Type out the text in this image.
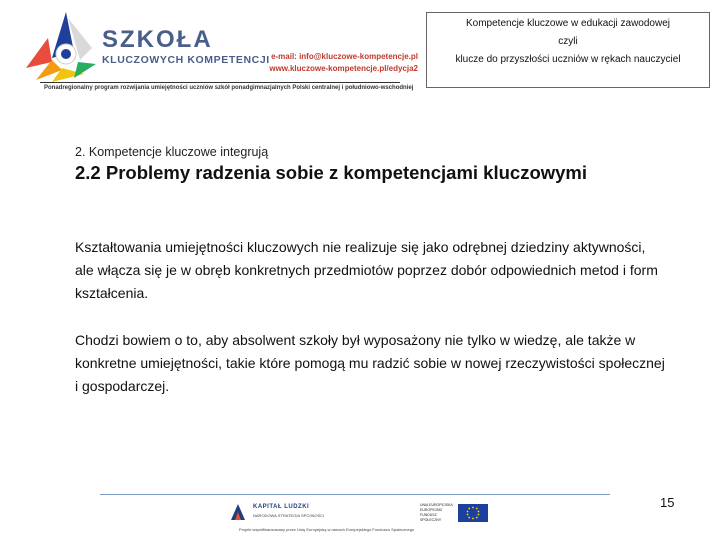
SZKOŁA
KLUCZOWYCH KOMPETENCJI e-mail: info@kluczowe-kompetencje.pl
www.kluczowe-kompetencje.pl/edycja2
Ponadregionalny program rozwijania umiejętności uczniów szkół ponadgimnazjalnych Polski centralnej i południowo-wschodniej
Kompetencje kluczowe w edukacji zawodowej
czyli
klucze do przyszłości uczniów w rękach nauczyciel
2. Kompetencje kluczowe integrują
2.2 Problemy radzenia sobie z kompetencjami kluczowymi

Kształtowania umiejętności kluczowych nie realizuje się jako odrębnej dziedziny aktywności, ale włącza się je w obręb konkretnych przedmiotów poprzez dobór odpowiednich metod i form kształcenia.

Chodzi bowiem o to, aby absolwent szkoły był wyposażony nie tylko w wiedzę, ale także w konkretne umiejętności, takie które pomogą mu radzić sobie w nowej rzeczywistości społecznej i gospodarczej.

KAPITAŁ LUDZKI
NARODOWA STRATEGIA SPÓJNOŚCI
UNIA EUROPEJSKA EUROPEJSKI FUNDUSZ SPOŁECZNY
Projekt współfinansowany przez Unię Europejską w ramach Europejskiego Funduszu Społecznego
15
